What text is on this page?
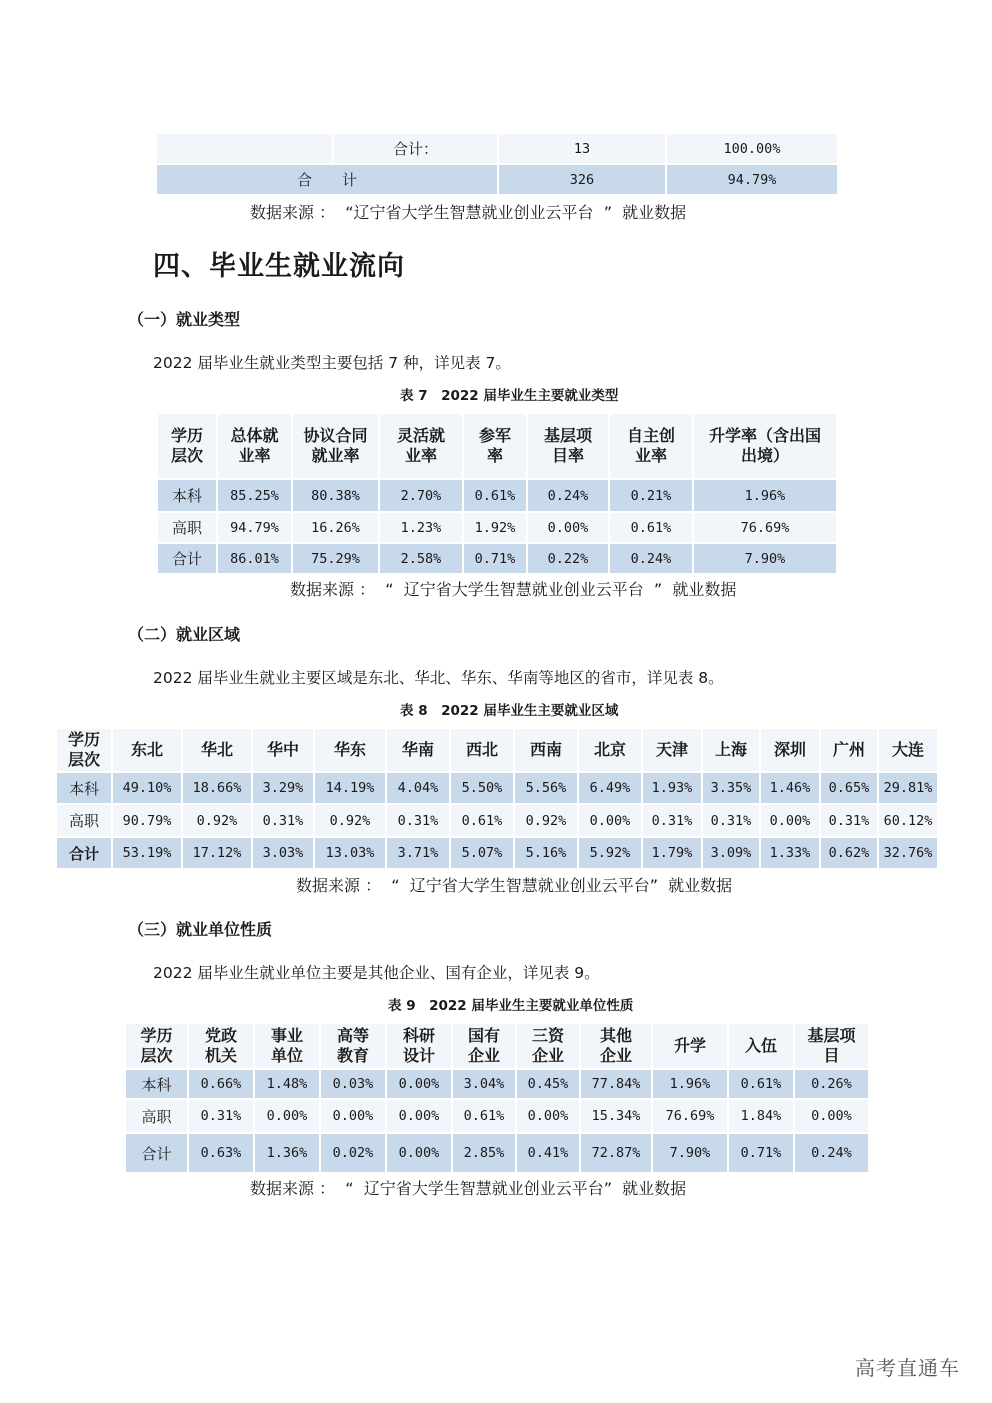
	合计：	13	100.00%
合　　计		326	94.79%
数据来源 ：  “辽宁省大学生智慧就业创业云平台  ”  就业数据
四、毕业生就业流向
（一）就业类型
2022 届毕业生就业类型主要包括 7 种，详见表 7。
表 7　2022 届毕业生主要就业类型
学历层次	总体就业率	协议合同就业率	灵活就业率	参军率	基层项目率	自主创业率	升学率（含出国出境）
本科	85.25%	80.38%	2.70%	0.61%	0.24%	0.21%	1.96%
高职	94.79%	16.26%	1.23%	1.92%	0.00%	0.61%	76.69%
合计	86.01%	75.29%	2.58%	0.71%	0.22%	0.24%	7.90%
数据来源 ：  “  辽宁省大学生智慧就业创业云平台  ”  就业数据
（二）就业区域
2022 届毕业生就业主要区域是东北、华北、华东、华南等地区的省市，详见表 8。
表 8　2022 届毕业生主要就业区域
学历层次	东北	华北	华中	华东	华南	西北	西南	北京	天津	上海	深圳	广州	大连
本科	49.10%	18.66%	3.29%	14.19%	4.04%	5.50%	5.56%	6.49%	1.93%	3.35%	1.46%	0.65%	29.81%
高职	90.79%	0.92%	0.31%	0.92%	0.31%	0.61%	0.92%	0.00%	0.31%	0.31%	0.00%	0.31%	60.12%
合计	53.19%	17.12%	3.03%	13.03%	3.71%	5.07%	5.16%	5.92%	1.79%	3.09%	1.33%	0.62%	32.76%
数据来源 ：  “  辽宁省大学生智慧就业创业云平台”  就业数据
（三）就业单位性质
2022 届毕业生就业单位主要是其他企业、国有企业，详见表 9。
表 9　2022 届毕业生主要就业单位性质
学历层次	党政机关	事业单位	高等教育	科研设计	国有企业	三资企业	其他企业	升学	入伍	基层项目
本科	0.66%	1.48%	0.03%	0.00%	3.04%	0.45%	77.84%	1.96%	0.61%	0.26%
高职	0.31%	0.00%	0.00%	0.00%	0.61%	0.00%	15.34%	76.69%	1.84%	0.00%
合计	0.63%	1.36%	0.02%	0.00%	2.85%	0.41%	72.87%	7.90%	0.71%	0.24%
数据来源 ：  “  辽宁省大学生智慧就业创业云平台”  就业数据
高考直通车
